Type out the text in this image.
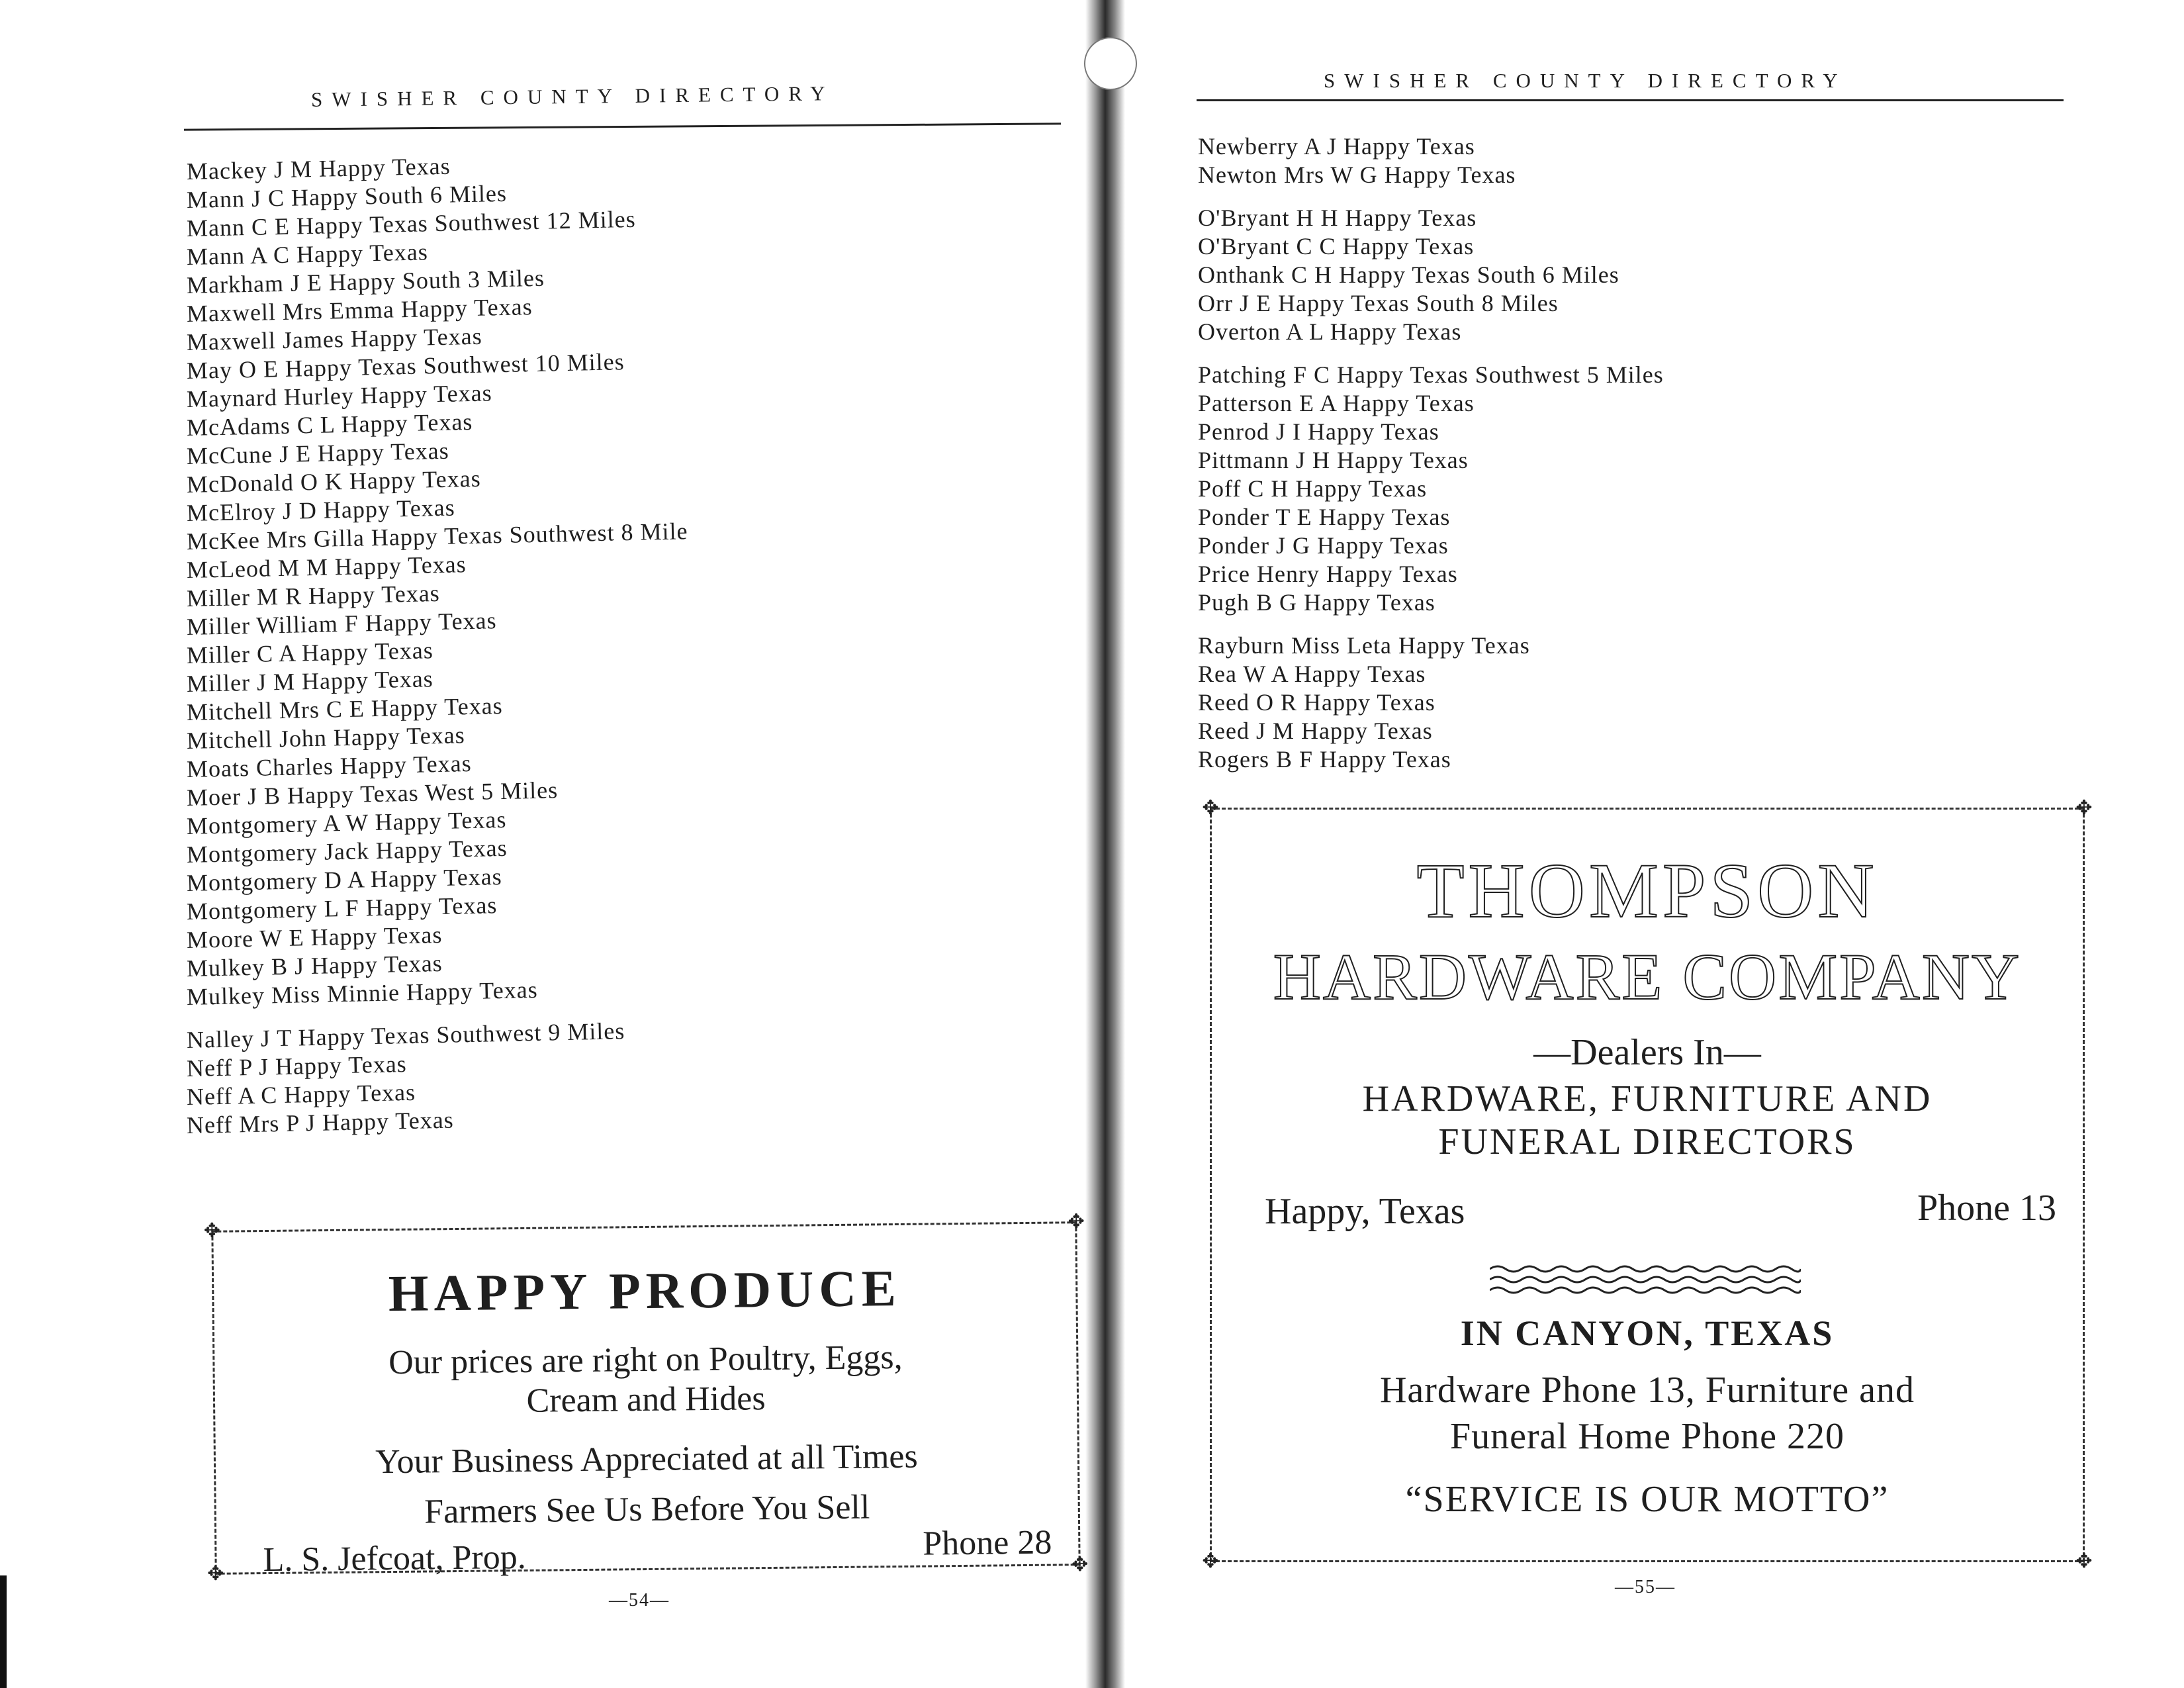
SWISHER COUNTY DIRECTORY
Mackey J M Happy Texas
Mann J C Happy South 6 Miles
Mann C E Happy Texas Southwest 12 Miles
Mann A C Happy Texas
Markham J E Happy South 3 Miles
Maxwell Mrs Emma Happy Texas
Maxwell James Happy Texas
May O E Happy Texas Southwest 10 Miles
Maynard Hurley Happy Texas
McAdams C L Happy Texas
McCune J E Happy Texas
McDonald O K Happy Texas
McElroy J D Happy Texas
McKee Mrs Gilla Happy Texas Southwest 8 Mile
McLeod M M Happy Texas
Miller M R Happy Texas
Miller William F Happy Texas
Miller C A Happy Texas
Miller J M Happy Texas
Mitchell Mrs C E Happy Texas
Mitchell John Happy Texas
Moats Charles Happy Texas
Moer J B Happy Texas West 5 Miles
Montgomery A W Happy Texas
Montgomery Jack Happy Texas
Montgomery D A Happy Texas
Montgomery L F Happy Texas
Moore W E Happy Texas
Mulkey B J Happy Texas
Mulkey Miss Minnie Happy Texas
Nalley J T Happy Texas Southwest 9 Miles
Neff P J Happy Texas
Neff A C Happy Texas
Neff Mrs P J Happy Texas
✥	✥
✥	✥
HAPPY PRODUCE
Our prices are right on Poultry, Eggs,
Cream and Hides
Your Business Appreciated at all Times
Farmers See Us Before You Sell
L. S. Jefcoat, Prop.	Phone 28
—54—
SWISHER COUNTY DIRECTORY
Newberry A J Happy Texas
Newton Mrs W G Happy Texas
O'Bryant H H Happy Texas
O'Bryant C C Happy Texas
Onthank C H Happy Texas South 6 Miles
Orr J E Happy Texas South 8 Miles
Overton A L Happy Texas
Patching F C Happy Texas Southwest 5 Miles
Patterson E A Happy Texas
Penrod J I Happy Texas
Pittmann J H Happy Texas
Poff C H Happy Texas
Ponder T E Happy Texas
Ponder J G Happy Texas
Price Henry Happy Texas
Pugh B G Happy Texas
Rayburn Miss Leta Happy Texas
Rea W A Happy Texas
Reed O R Happy Texas
Reed J M Happy Texas
Rogers B F Happy Texas
✥	✥
✥	✥
THOMPSON
HARDWARE COMPANY
—Dealers In—
HARDWARE, FURNITURE AND
FUNERAL DIRECTORS
Happy, Texas	Phone 13
IN CANYON, TEXAS
Hardware Phone 13, Furniture and
Funeral Home Phone 220
“SERVICE IS OUR MOTTO”
—55—
